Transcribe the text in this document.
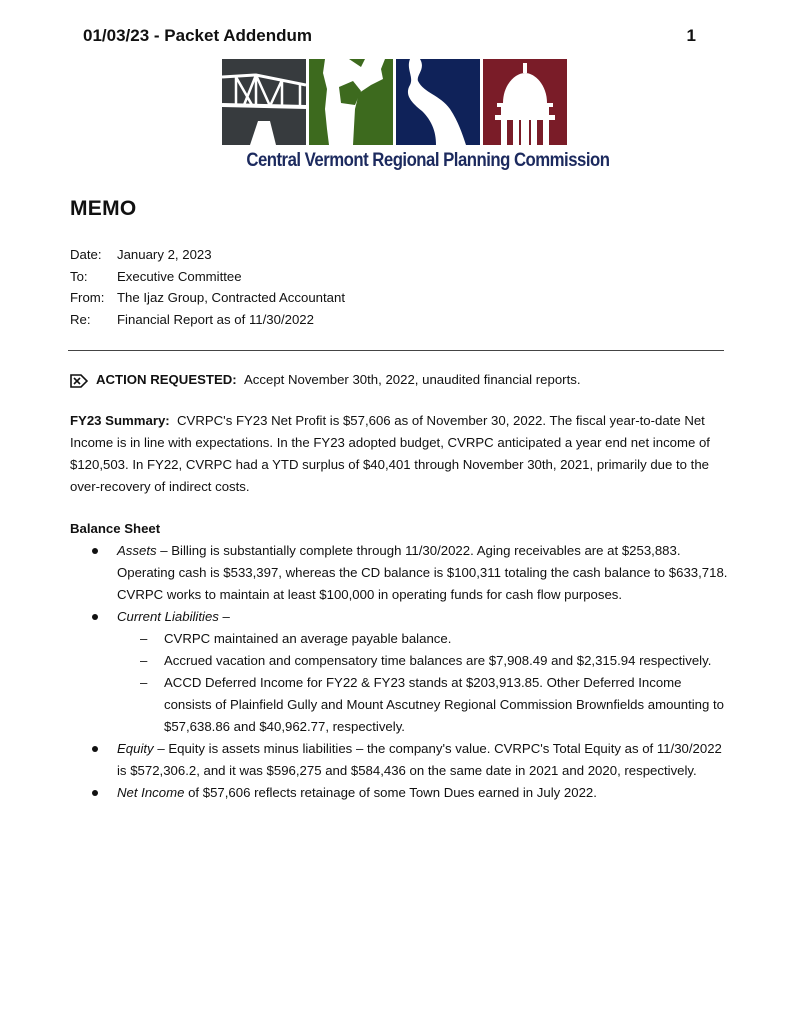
01/03/23 - Packet Addendum	1
Central Vermont Regional Planning Commission
MEMO
Date:	January 2, 2023
To:	Executive Committee
From: The Ijaz Group, Contracted Accountant
Re:	Financial Report as of 11/30/2022
ACTION REQUESTED:
Accept November 30th, 2022, unaudited financial reports.

FY23 Summary: CVRPC's FY23 Net Profit is $57,606 as of November 30, 2022. The fiscal year-to-date Net Income is in line with expectations. In the FY23 adopted budget, CVRPC anticipated a year end net income of $120,503. In FY22, CVRPC had a YTD surplus of $40,401 through November 30th, 2021, primarily due to the over-recovery of indirect costs.

Balance Sheet
Assets – Billing is substantially complete through 11/30/2022. Aging receivables are at $253,883. Operating cash is $533,397, whereas the CD balance is $100,311 totaling the cash balance to $633,718. CVRPC works to maintain at least $100,000 in operating funds for cash flow purposes.
Current Liabilities –
– CVRPC maintained an average payable balance.
– Accrued vacation and compensatory time balances are $7,908.49 and $2,315.94 respectively.
– ACCD Deferred Income for FY22 & FY23 stands at $203,913.85. Other Deferred Income consists of Plainfield Gully and Mount Ascutney Regional Commission Brownfields amounting to $57,638.86 and $40,962.77, respectively.
Equity – Equity is assets minus liabilities – the company's value. CVRPC's Total Equity as of 11/30/2022 is $572,306.2, and it was $596,275 and $584,436 on the same date in 2021 and 2020, respectively.
Net Income of $57,606 reflects retainage of some Town Dues earned in July 2022.
